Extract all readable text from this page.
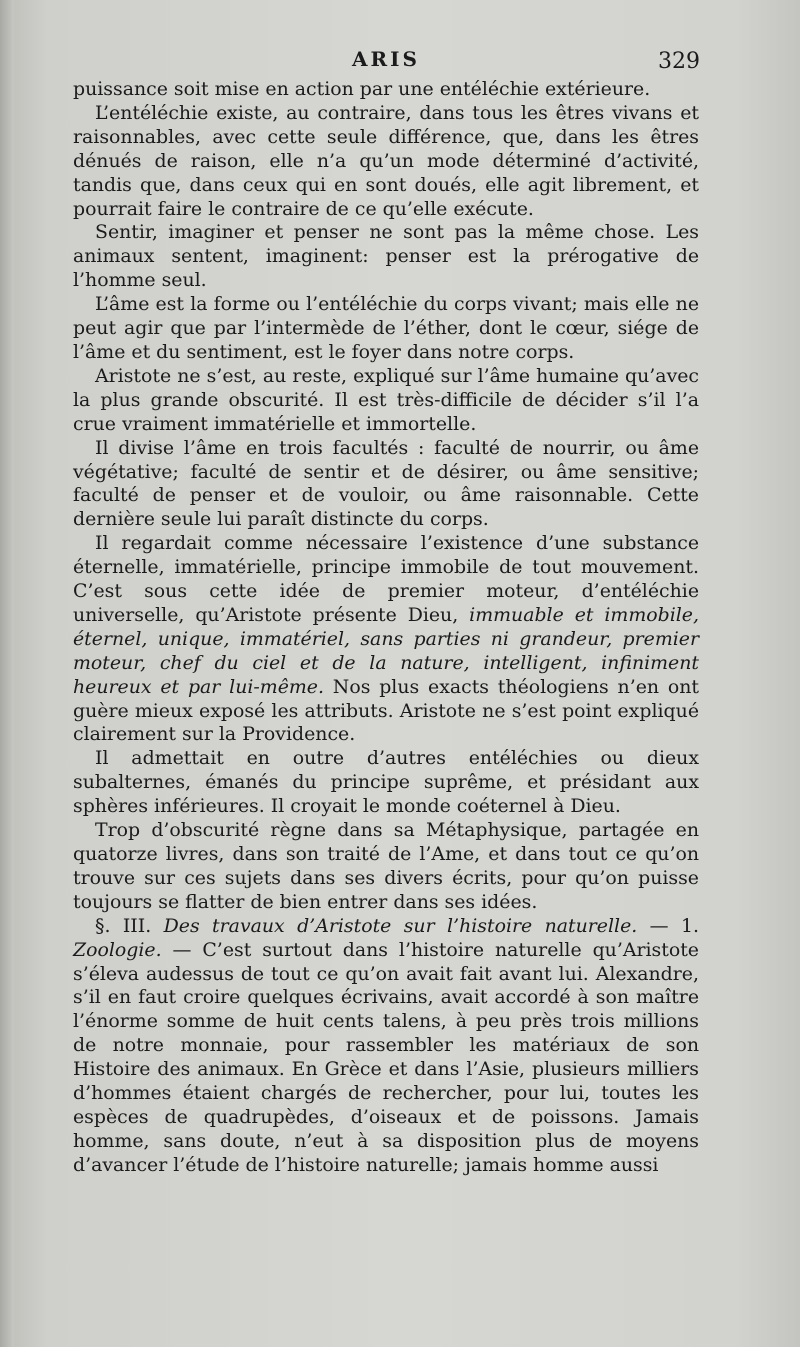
ARIS	329

puissance soit mise en action par une entéléchie extérieure.

L’entéléchie existe, au contraire, dans tous les êtres vivans et raisonnables, avec cette seule différence, que, dans les êtres dénués de raison, elle n’a qu’un mode déterminé d’activité, tandis que, dans ceux qui en sont doués, elle agit librement, et pourrait faire le contraire de ce qu’elle exécute.

Sentir, imaginer et penser ne sont pas la même chose. Les animaux sentent, imaginent: penser est la prérogative de l’homme seul.

L’âme est la forme ou l’entéléchie du corps vivant; mais elle ne peut agir que par l’intermède de l’éther, dont le cœur, siége de l’âme et du sentiment, est le foyer dans notre corps.

Aristote ne s’est, au reste, expliqué sur l’âme humaine qu’avec la plus grande obscurité. Il est très-difficile de décider s’il l’a crue vraiment immatérielle et immortelle.

Il divise l’âme en trois facultés : faculté de nourrir, ou âme végétative; faculté de sentir et de désirer, ou âme sensitive; faculté de penser et de vouloir, ou âme raisonnable. Cette dernière seule lui paraît distincte du corps.

Il regardait comme nécessaire l’existence d’une substance éternelle, immatérielle, principe immobile de tout mouvement. C’est sous cette idée de premier moteur, d’entéléchie universelle, qu’Aristote présente Dieu, immuable et immobile, éternel, unique, immatériel, sans parties ni grandeur, premier moteur, chef du ciel et de la nature, intelligent, infiniment heureux et par lui-même. Nos plus exacts théologiens n’en ont guère mieux exposé les attributs. Aristote ne s’est point expliqué clairement sur la Providence.

Il admettait en outre d’autres entéléchies ou dieux subalternes, émanés du principe suprême, et présidant aux sphères inférieures. Il croyait le monde coéternel à Dieu.

Trop d’obscurité règne dans sa Métaphysique, partagée en quatorze livres, dans son traité de l’Ame, et dans tout ce qu’on trouve sur ces sujets dans ses divers écrits, pour qu’on puisse toujours se flatter de bien entrer dans ses idées.

§. III. Des travaux d’Aristote sur l’histoire naturelle. — 1. Zoologie. — C’est surtout dans l’histoire naturelle qu’Aristote s’éleva audessus de tout ce qu’on avait fait avant lui. Alexandre, s’il en faut croire quelques écrivains, avait accordé à son maître l’énorme somme de huit cents talens, à peu près trois millions de notre monnaie, pour rassembler les matériaux de son Histoire des animaux. En Grèce et dans l’Asie, plusieurs milliers d’hommes étaient chargés de rechercher, pour lui, toutes les espèces de quadrupèdes, d’oiseaux et de poissons. Jamais homme, sans doute, n’eut à sa disposition plus de moyens d’avancer l’étude de l’histoire naturelle; jamais homme aussi
